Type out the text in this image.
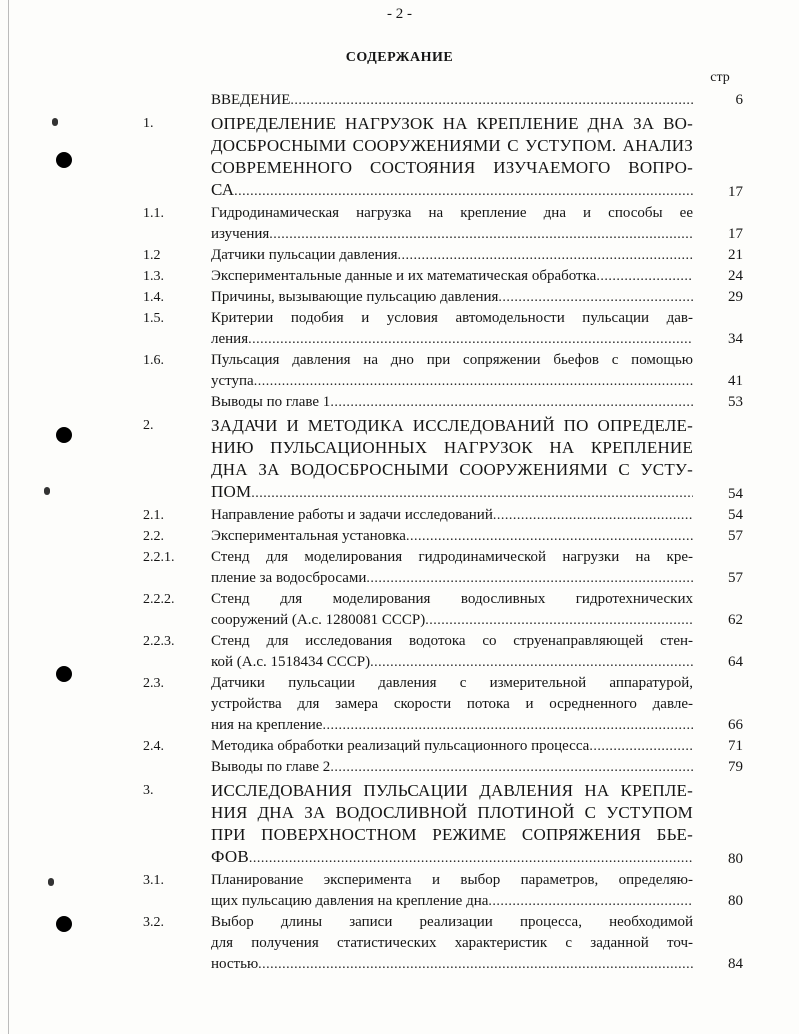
- 2 -
СОДЕРЖАНИЕ
стр
ВВЕДЕНИЕ .....	6
1.	ОПРЕДЕЛЕНИЕ НАГРУЗОК НА КРЕПЛЕНИЕ ДНА ЗА ВО-
ДОСБРОСНЫМИ СООРУЖЕНИЯМИ С УСТУПОМ. АНАЛИЗ
СОВРЕМЕННОГО СОСТОЯНИЯ ИЗУЧАЕМОГО ВОПРО-
СА .....	17
1.1.	Гидродинамическая нагрузка на крепление дна и способы ее
изучения .....	17
1.2	Датчики пульсации давления .....	21
1.3.	Экспериментальные данные и их математическая обработка .....	24
1.4.	Причины, вызывающие пульсацию давления .....	29
1.5.	Критерии подобия и условия автомодельности пульсации дав-
ления .....	34
1.6.	Пульсация давления на дно при сопряжении бьефов с помощью
уступа .....	41
Выводы по главе 1 .....	53
2.	ЗАДАЧИ И МЕТОДИКА ИССЛЕДОВАНИЙ ПО ОПРЕДЕЛЕ-
НИЮ ПУЛЬСАЦИОННЫХ НАГРУЗОК НА КРЕПЛЕНИЕ
ДНА ЗА ВОДОСБРОСНЫМИ СООРУЖЕНИЯМИ С УСТУ-
ПОМ .....	54
2.1.	Направление работы и задачи исследований .....	54
2.2.	Экспериментальная установка .....	57
2.2.1. Стенд для моделирования гидродинамической нагрузки на кре-
пление за водосбросами .....	57
2.2.2. Стенд для моделирования водосливных гидротехнических
сооружений (А.с. 1280081 СССР) .....	62
2.2.3. Стенд для исследования водотока со струенаправляющей стен-
кой (А.с. 1518434 СССР) .....	64
2.3.	Датчики пульсации давления с измерительной аппаратурой,
устройства для замера скорости потока и осредненного давле-
ния на крепление .....	66
2.4.	Методика обработки реализаций пульсационного процесса .....	71
Выводы по главе 2 .....	79
3.	ИССЛЕДОВАНИЯ ПУЛЬСАЦИИ ДАВЛЕНИЯ НА КРЕПЛЕ-
НИЯ ДНА ЗА ВОДОСЛИВНОЙ ПЛОТИНОЙ С УСТУПОМ
ПРИ ПОВЕРХНОСТНОМ РЕЖИМЕ СОПРЯЖЕНИЯ БЬЕ-
ФОВ .....	80
3.1.	Планирование эксперимента и выбор параметров, определяю-
щих пульсацию давления на крепление дна .....	80
3.2.	Выбор длины записи реализации процесса, необходимой
для получения статистических характеристик с заданной точ-
ностью .....	84
